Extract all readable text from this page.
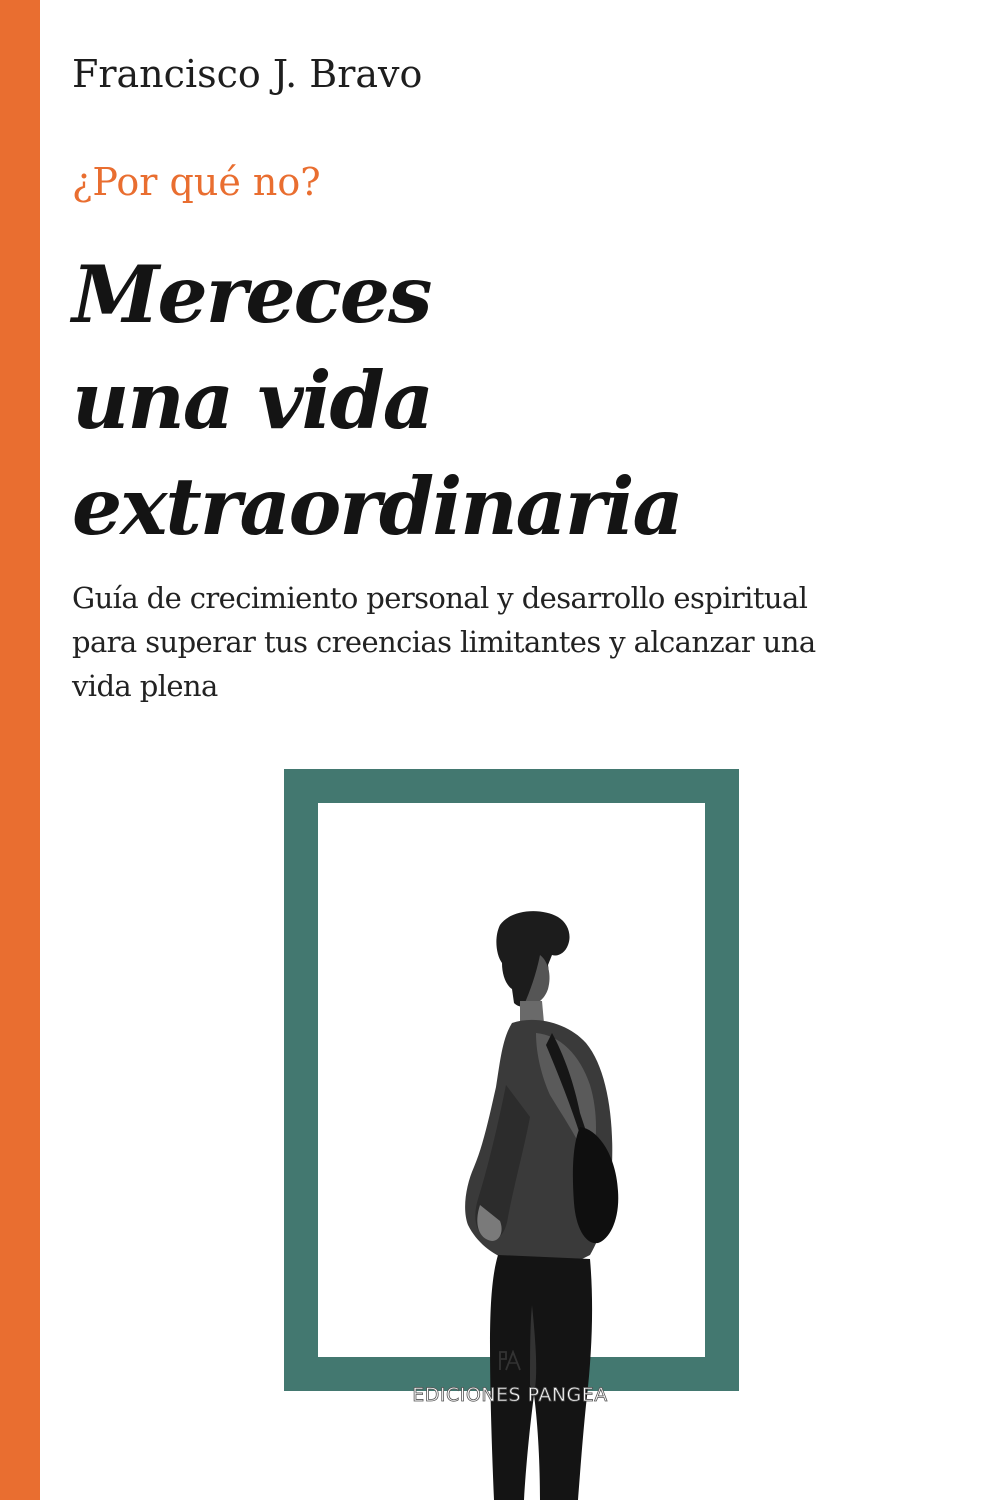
Francisco J. Bravo
¿Por qué no?
Mereces
una vida
extraordinaria
Guía de crecimiento personal y desarrollo espiritual
para superar tus creencias limitantes y alcanzar una
vida plena
EDICIONES PANGEA
